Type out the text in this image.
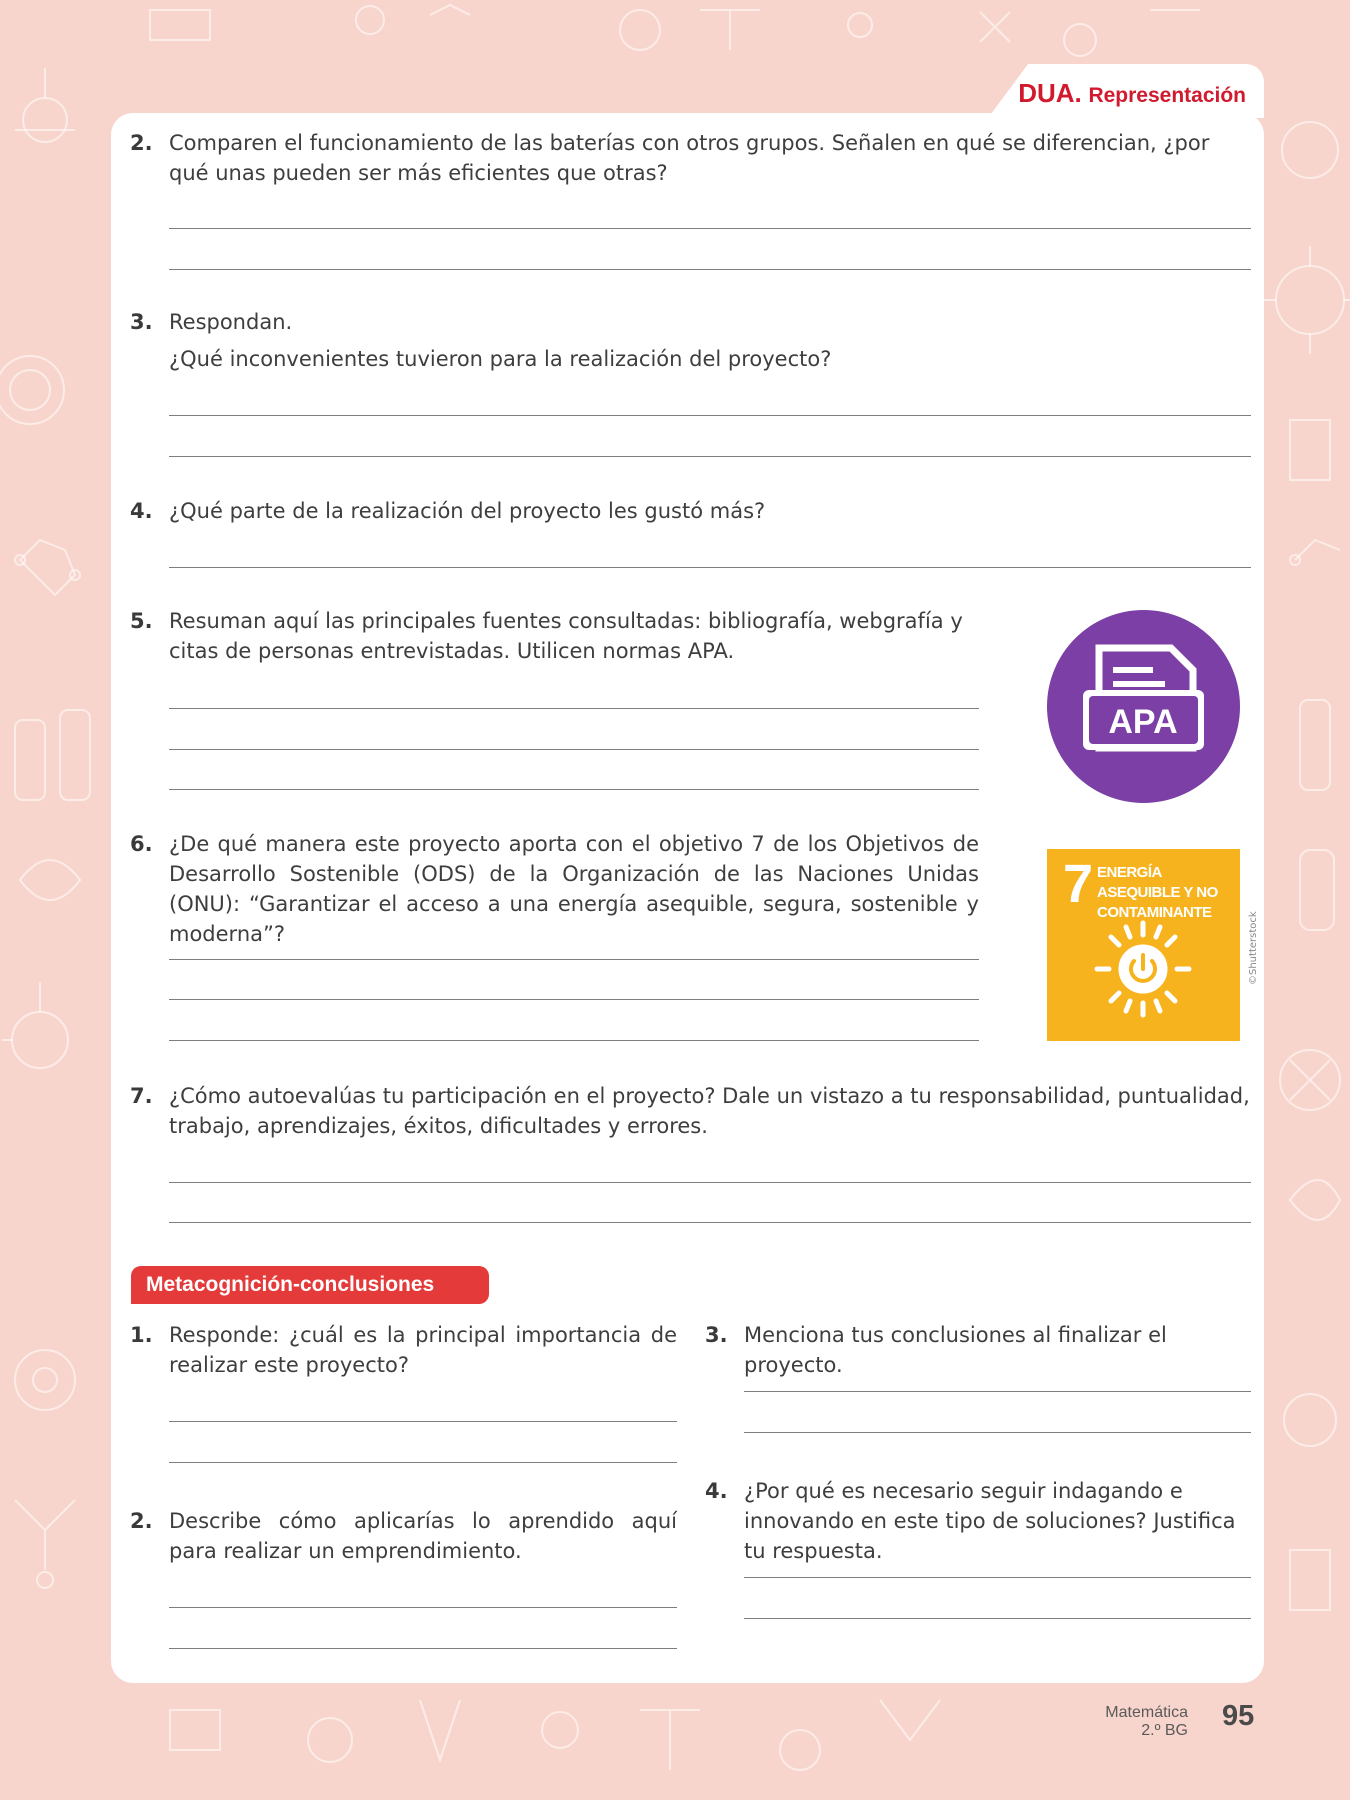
DUA. Representación
2. Comparen el funcionamiento de las baterías con otros grupos. Señalen en qué se diferencian, ¿por qué unas pueden ser más eficientes que otras?

3. Respondan.

¿Qué inconvenientes tuvieron para la realización del proyecto?

4. ¿Qué parte de la realización del proyecto les gustó más?

5. Resuman aquí las principales fuentes consultadas: bibliografía, webgrafía y citas de personas entrevistadas. Utilicen normas APA.

APA
6. ¿De qué manera este proyecto aporta con el objetivo 7 de los Objetivos de Desarrollo Sostenible (ODS) de la Organización de las Naciones Unidas (ONU): “Garantizar el acceso a una energía asequible, segura, sostenible y moderna”?

7 ENERGÍA ASEQUIBLE Y NO CONTAMINANTE	©Shutterstock
7. ¿Cómo autoevalúas tu participación en el proyecto? Dale un vistazo a tu responsabilidad, puntualidad, trabajo, aprendizajes, éxitos, dificultades y errores.

Metacognición-conclusiones
1. Responde: ¿cuál es la principal importancia de realizar este proyecto?

2. Describe cómo aplicarías lo aprendido aquí para realizar un emprendimiento.

3. Menciona tus conclusiones al finalizar el proyecto.

4. ¿Por qué es necesario seguir indagando e innovando en este tipo de soluciones? Justifica tu respuesta.

Matemática
2.º BG 95
